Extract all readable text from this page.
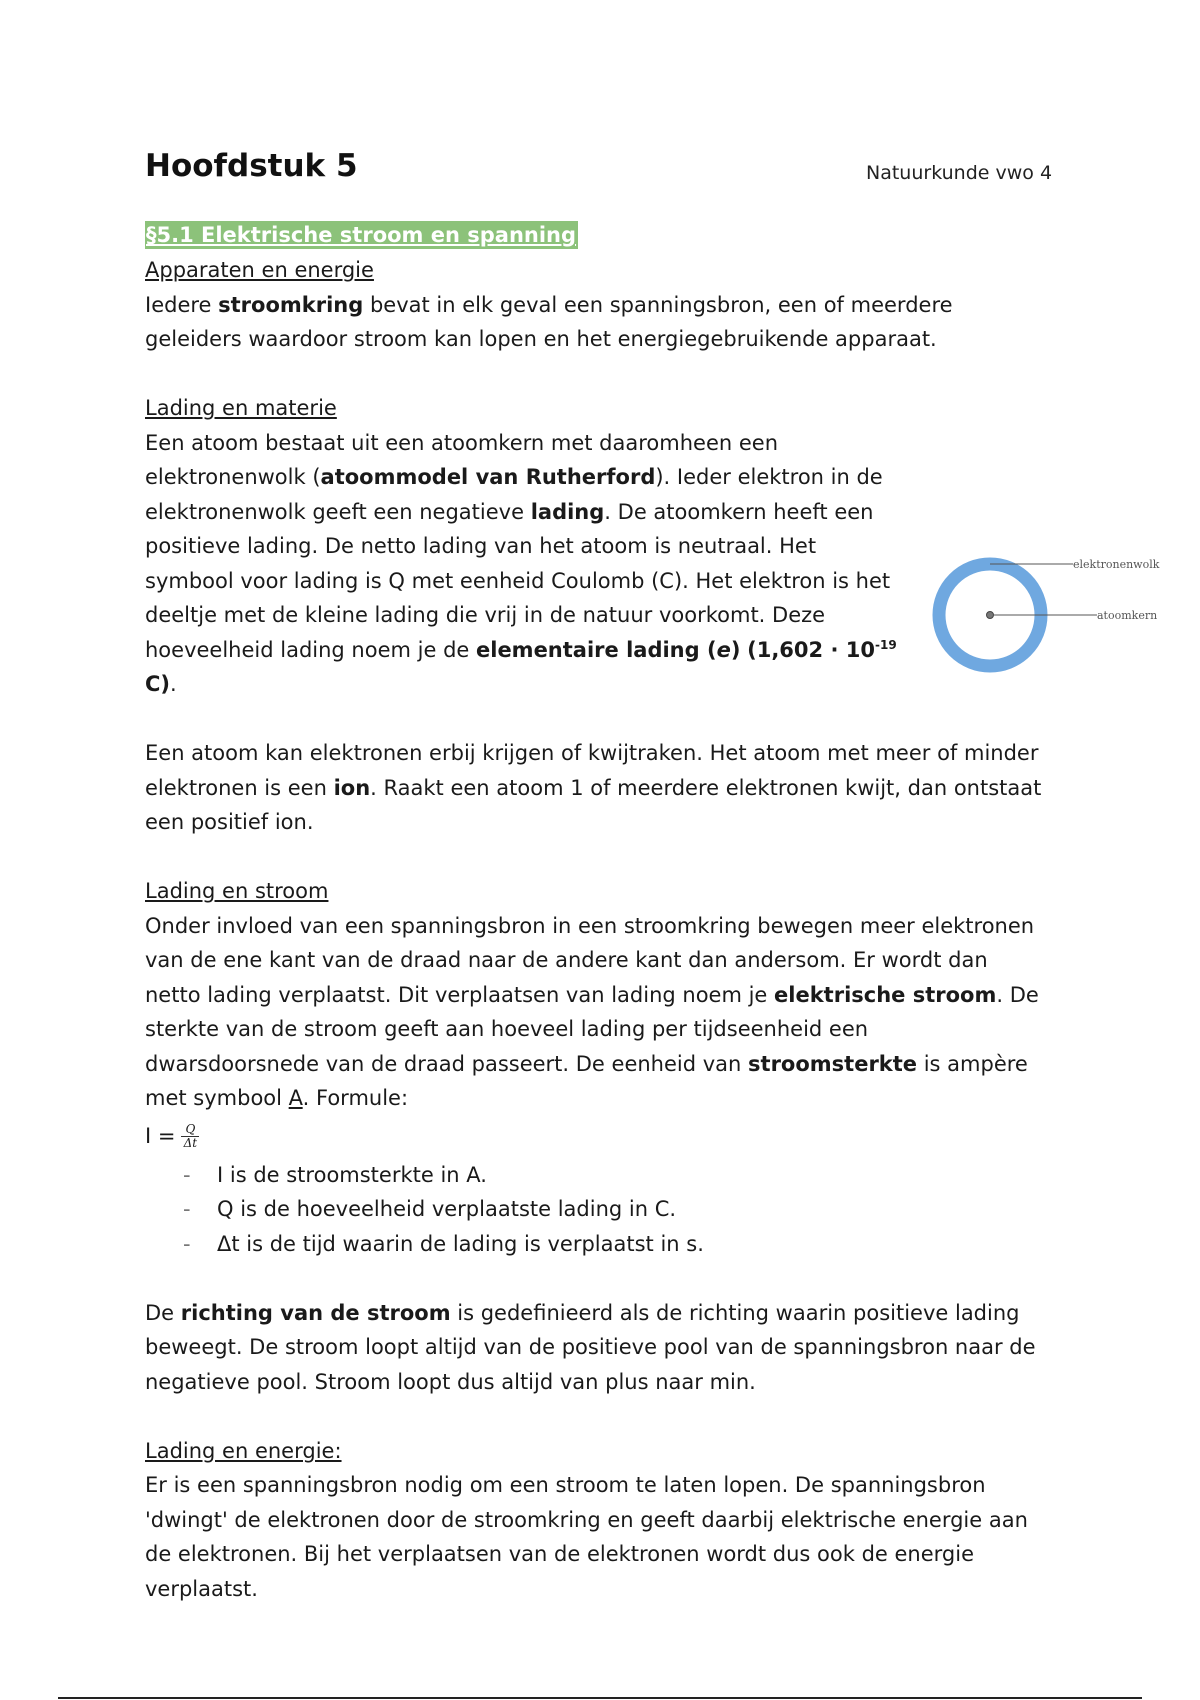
Hoofdstuk 5	Natuurkunde vwo 4
§5.1 Elektrische stroom en spanning
Apparaten en energie

Iedere stroomkring bevat in elk geval een spanningsbron, een of meerdere geleiders waardoor stroom kan lopen en het energiegebruikende apparaat.

Lading en materie

Een atoom bestaat uit een atoomkern met daaromheen een elektronenwolk (atoommodel van Rutherford). Ieder elektron in de elektronenwolk geeft een negatieve lading. De atoomkern heeft een positieve lading. De netto lading van het atoom is neutraal. Het symbool voor lading is Q met eenheid Coulomb (C). Het elektron is het deeltje met de kleine lading die vrij in de natuur voorkomt. Deze hoeveelheid lading noem je de elementaire lading (e) ($1,602 \cdot 10^{-19}$ C).

Een atoom kan elektronen erbij krijgen of kwijtraken. Het atoom met meer of minder elektronen is een ion. Raakt een atoom 1 of meerdere elektronen kwijt, dan ontstaat een positief ion.

Lading en stroom

Onder invloed van een spanningsbron in een stroomkring bewegen meer elektronen van de ene kant van de draad naar de andere kant dan andersom. Er wordt dan netto lading verplaatst. Dit verplaatsen van lading noem je elektrische stroom. De sterkte van de stroom geeft aan hoeveel lading per tijdseenheid een dwarsdoorsnede van de draad passeert. De eenheid van stroomsterkte is ampère met symbool A. Formule:

$I = \frac{Q}{\Delta t}$
- I is de stroomsterkte in A.
- Q is de hoeveelheid verplaatste lading in C.
- Δt is de tijd waarin de lading is verplaatst in s.

De richting van de stroom is gedefinieerd als de richting waarin positieve lading beweegt. De stroom loopt altijd van de positieve pool van de spanningsbron naar de negatieve pool. Stroom loopt dus altijd van plus naar min.

Lading en energie:

Er is een spanningsbron nodig om een stroom te laten lopen. De spanningsbron 'dwingt' de elektronen door de stroomkring en geeft daarbij elektrische energie aan de elektronen. Bij het verplaatsen van de elektronen wordt dus ook de energie verplaatst.

elektronenwolk
atoomkern
